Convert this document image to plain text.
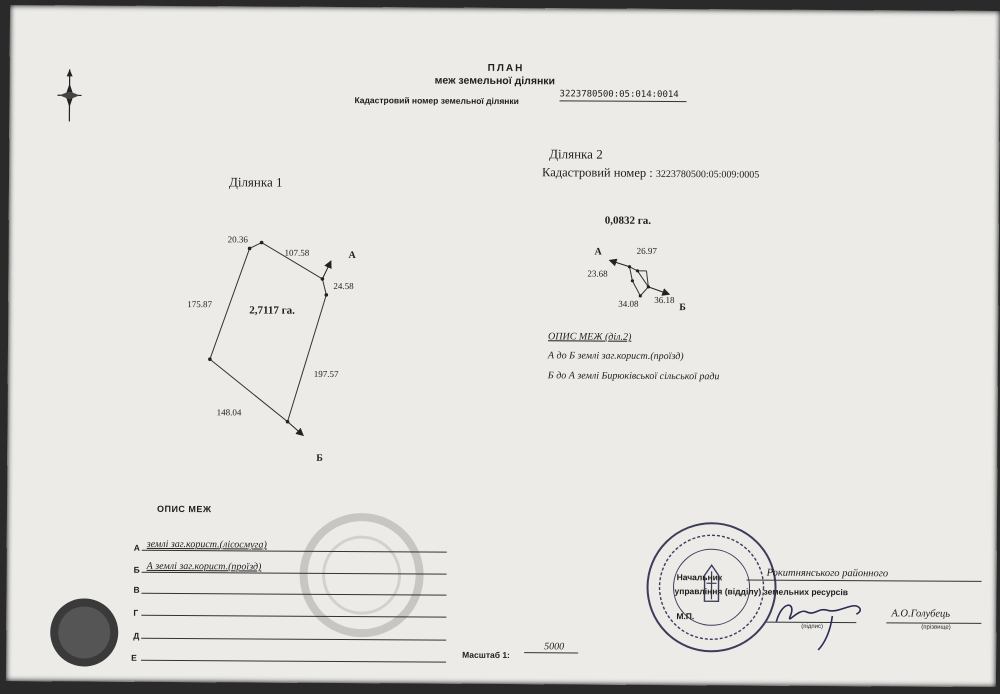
ПЛАН
меж земельної ділянки
Кадастровий номер земельної ділянки
3223780500:05:014:0014
Ділянка 2
Кадастровий номер : 3223780500:05:009:0005
0,0832 га.
Ділянка 1
2,7117 га.
20.36
107.58
24.58
197.57
148.04
175.87
А
Б
А	26.97
23.68
34.08 36.18
Б
ОПИС МЕЖ (діл.2)
А до Б землі заг.корист.(проїзд)
Б до А землі Бирюківської сільської ради
ОПИС МЕЖ
А землі заг.корист.(лісосмуга)
Б А землі заг.корист.(проїзд)
В
Г
Д
Е	Масштаб 1:
5000
Начальник	Рокитнянського районного
управління (відділу) земельних ресурсів
М.П.
(підпис)
А.О.Голубець
(прізвище)
